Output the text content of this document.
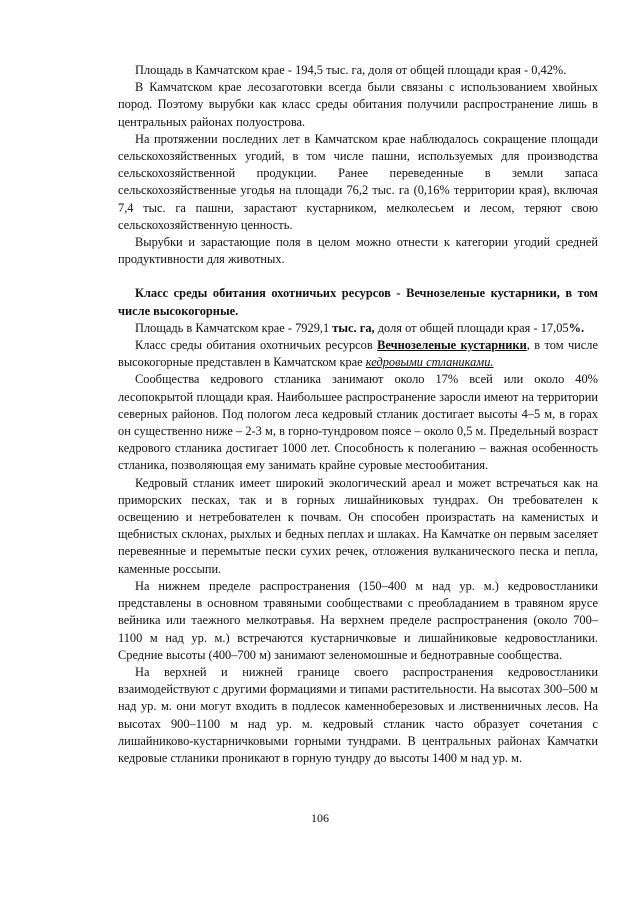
Площадь в Камчатском крае - 194,5 тыс. га, доля от общей площади края - 0,42%.

В Камчатском крае лесозаготовки всегда были связаны с использованием хвойных пород. Поэтому вырубки как класс среды обитания получили распространение лишь в центральных районах полуострова.

На протяжении последних лет в Камчатском крае наблюдалось сокращение площади сельскохозяйственных угодий, в том числе пашни, используемых для производства сельскохозяйственной продукции. Ранее переведенные в земли запаса сельскохозяйственные угодья на площади 76,2 тыс. га (0,16% территории края), включая 7,4 тыс. га пашни, зарастают кустарником, мелколесьем и лесом, теряют свою сельскохозяйственную ценность.

Вырубки и зарастающие поля в целом можно отнести к категории угодий средней продуктивности для животных.

Класс среды обитания охотничьих ресурсов - Вечнозеленые кустарники, в том числе высокогорные.

Площадь в Камчатском крае - 7929,1 тыс. га, доля от общей площади края - 17,05%.

Класс среды обитания охотничьих ресурсов Вечнозеленые кустарники, в том числе высокогорные представлен в Камчатском крае кедровыми стланиками.

Сообщества кедрового стланика занимают около 17% всей или около 40% лесопокрытой площади края. Наибольшее распространение заросли имеют на территории северных районов. Под пологом леса кедровый стланик достигает высоты 4–5 м, в горах он существенно ниже – 2-3 м, в горно-тундровом поясе – около 0,5 м. Предельный возраст кедрового стланика достигает 1000 лет. Способность к полеганию – важная особенность стланика, позволяющая ему занимать крайне суровые местообитания.

Кедровый стланик имеет широкий экологический ареал и может встречаться как на приморских песках, так и в горных лишайниковых тундрах. Он требователен к освещению и нетребователен к почвам. Он способен произрастать на каменистых и щебнистых склонах, рыхлых и бедных пеплах и шлаках. На Камчатке он первым заселяет перевеянные и перемытые пески сухих речек, отложения вулканического песка и пепла, каменные россыпи.

На нижнем пределе распространения (150–400 м над ур. м.) кедровостланики представлены в основном травяными сообществами с преобладанием в травяном ярусе вейника или таежного мелкотравья. На верхнем пределе распространения (около 700–1100 м над ур. м.) встречаются кустарничковые и лишайниковые кедровостланики. Средние высоты (400–700 м) занимают зеленомошные и беднотравные сообщества.

На верхней и нижней границе своего распространения кедровостланики взаимодействуют с другими формациями и типами растительности. На высотах 300–500 м над ур. м. они могут входить в подлесок каменноберезовых и лиственничных лесов. На высотах 900–1100 м над ур. м. кедровый стланик часто образует сочетания с лишайниково-кустарничковыми горными тундрами. В центральных районах Камчатки кедровые стланики проникают в горную тундру до высоты 1400 м над ур. м.

106
